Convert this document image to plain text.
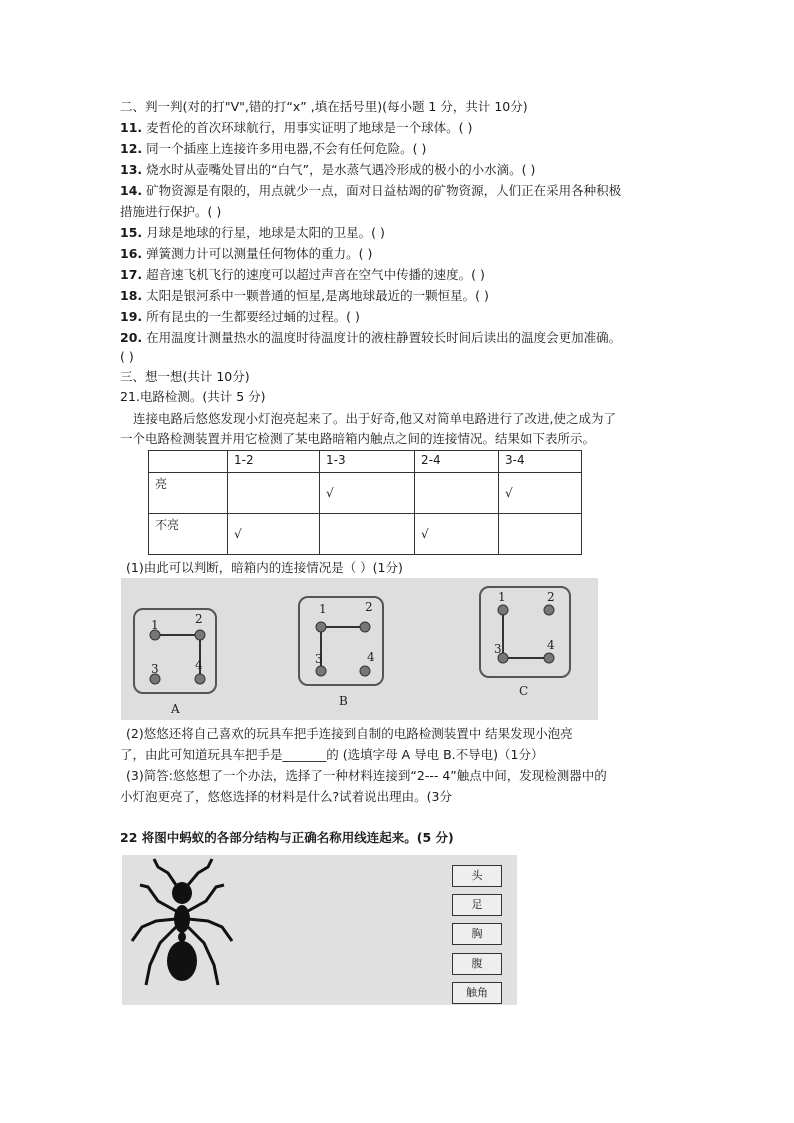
二、判一判(对的打"V",错的打“x” ,填在括号里)(每小题 1 分，共计 10分)
11. 麦哲伦的首次环球航行，用事实证明了地球是一个球体。( )
12. 同一个插座上连接许多用电器,不会有任何危险。( )
13. 烧水时从壶嘴处冒出的“白气”，是水蒸气遇冷形成的极小的小水滴。( )
14. 矿物资源是有限的，用点就少一点，面对日益枯竭的矿物资源，人们正在采用各种积极
措施进行保护。( )
15. 月球是地球的行星，地球是太阳的卫星。( )
16. 弹簧测力计可以测量任何物体的重力。( )
17. 超音速飞机飞行的速度可以超过声音在空气中传播的速度。( )
18. 太阳是银河系中一颗普通的恒星,是离地球最近的一颗恒星。( )
19. 所有昆虫的一生都要经过蛹的过程。( )
20. 在用温度计测量热水的温度时待温度计的液柱静置较长时间后读出的温度会更加准确。
( )
三、想一想(共计 10分)
21.电路检测。(共计 5 分)
连接电路后悠悠发现小灯泡亮起来了。出于好奇,他又对简单电路进行了改进,使之成为了
一个电路检测装置并用它检测了某电路暗箱内触点之间的连接情况。结果如下表所示。
	1-2	1-3	2-4	3-4
亮		√		√
不亮	√		√	
(1)由此可以判断，暗箱内的连接情况是（ ）(1分)
1	2
3	4
A
1	2
3	4
B
1	2
3	4
C
(2)悠悠还将自己喜欢的玩具车把手连接到自制的电路检测装置中 结果发现小泡亮
了，由此可知道玩具车把手是_______的 (选填字母 A 导电 B.不导电)（1分）
(3)简答:悠悠想了一个办法，选择了一种材料连接到“2--- 4”触点中间，发现检测器中的
小灯泡更亮了，悠悠选择的材料是什么?试着说出理由。(3分
22 将图中蚂蚁的各部分结构与正确名称用线连起来。(5 分)
头
足
胸
腹
触角
